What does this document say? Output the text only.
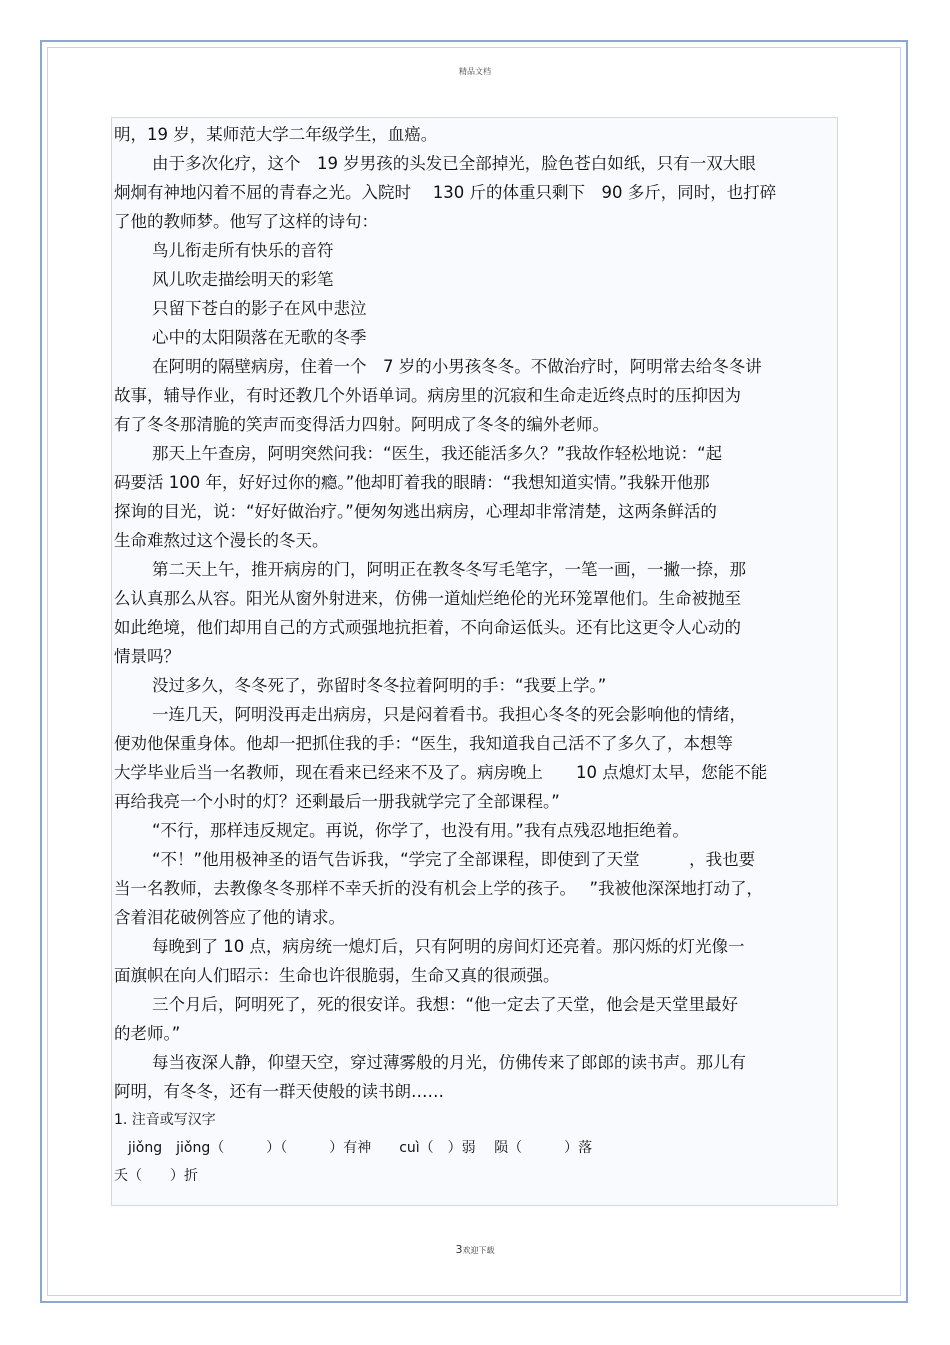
精品文档
明，19 岁，某师范大学二年级学生，血癌。
由于多次化疗，这个　19 岁男孩的头发已全部掉光，脸色苍白如纸，只有一双大眼
炯炯有神地闪着不屈的青春之光。入院时　 130 斤的体重只剩下　90 多斤，同时，也打碎
了他的教师梦。他写了这样的诗句：
鸟儿衔走所有快乐的音符
风儿吹走描绘明天的彩笔
只留下苍白的影子在风中悲泣
心中的太阳陨落在无歌的冬季
在阿明的隔壁病房，住着一个　7 岁的小男孩冬冬。不做治疗时，阿明常去给冬冬讲
故事，辅导作业，有时还教几个外语单词。病房里的沉寂和生命走近终点时的压抑因为
有了冬冬那清脆的笑声而变得活力四射。阿明成了冬冬的编外老师。
那天上午查房，阿明突然问我：“医生，我还能活多久？”我故作轻松地说：“起
码要活 100 年，好好过你的瘾。”他却盯着我的眼睛：“我想知道实情。”我躲开他那
探询的目光，说：“好好做治疗。”便匆匆逃出病房，心理却非常清楚，这两条鲜活的
生命难熬过这个漫长的冬天。
第二天上午，推开病房的门，阿明正在教冬冬写毛笔字，一笔一画，一撇一捺，那
么认真那么从容。阳光从窗外射进来，仿佛一道灿烂绝伦的光环笼罩他们。生命被抛至
如此绝境，他们却用自己的方式顽强地抗拒着，不向命运低头。还有比这更令人心动的
情景吗？
没过多久，冬冬死了，弥留时冬冬拉着阿明的手：“我要上学。”
一连几天，阿明没再走出病房，只是闷着看书。我担心冬冬的死会影响他的情绪，
便劝他保重身体。他却一把抓住我的手：“医生，我知道我自己活不了多久了，本想等
大学毕业后当一名教师，现在看来已经来不及了。病房晚上　　10 点熄灯太早，您能不能
再给我亮一个小时的灯？还剩最后一册我就学完了全部课程。”
“不行，那样违反规定。再说，你学了，也没有用。”我有点残忍地拒绝着。
“不！”他用极神圣的语气告诉我，“学完了全部课程，即使到了天堂　　　，我也要
当一名教师，去教像冬冬那样不幸夭折的没有机会上学的孩子。　 ”我被他深深地打动了，
含着泪花破例答应了他的请求。
每晚到了 10 点，病房统一熄灯后，只有阿明的房间灯还亮着。那闪烁的灯光像一
面旗帜在向人们昭示：生命也许很脆弱，生命又真的很顽强。
三个月后，阿明死了，死的很安详。我想：“他一定去了天堂，他会是天堂里最好
的老师。”
每当夜深人静，仰望天空，穿过薄雾般的月光，仿佛传来了郎郎的读书声。那儿有
阿明，有冬冬，还有一群天使般的读书朗……
1. 注音或写汉字
　jiǒng　jiǒng（　　　）（　　　）有神　　cuì（　）弱　 陨（　　　）落
夭（　　）折
3欢迎下载
